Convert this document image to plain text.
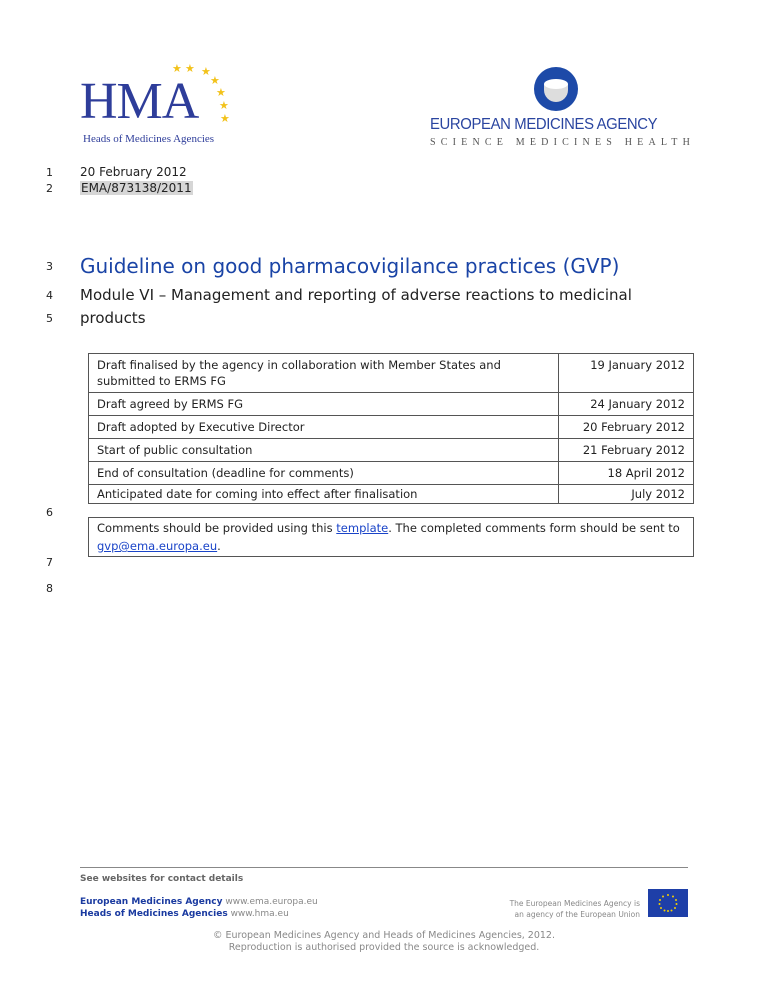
HMA
Heads of Medicines Agencies
★ ★ ★
★
★
★
★	EUROPEAN MEDICINES AGENCY
SCIENCE MEDICINES HEALTH
1
2
3
4
5
6
7
8
20 February 2012
EMA/873138/2011
Guideline on good pharmacovigilance practices (GVP)
Module VI – Management and reporting of adverse reactions to medicinal products
Draft finalised by the agency in collaboration with Member States and submitted to ERMS FG	19 January 2012
Draft agreed by ERMS FG	24 January 2012
Draft adopted by Executive Director	20 February 2012
Start of public consultation	21 February 2012
End of consultation (deadline for comments)	18 April 2012
Anticipated date for coming into effect after finalisation	July 2012
Comments should be provided using this template. The completed comments form should be sent to gvp@ema.europa.eu.
See websites for contact details
European Medicines Agency www.ema.europa.eu
Heads of Medicines Agencies www.hma.eu
The European Medicines Agency is
an agency of the European Union
© European Medicines Agency and Heads of Medicines Agencies, 2012.
Reproduction is authorised provided the source is acknowledged.
